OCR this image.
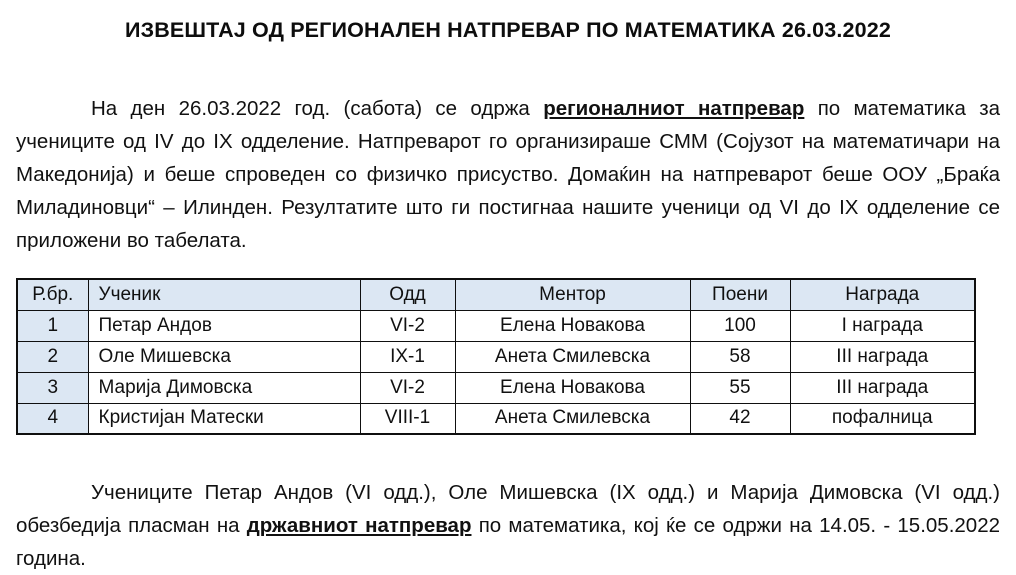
ИЗВЕШТАЈ ОД РЕГИОНАЛЕН НАТПРЕВАР ПО МАТЕМАТИКА 26.03.2022

На ден 26.03.2022 год. (сабота) се одржа регионалниот натпревар по математика за учениците од IV до IX одделение. Натпреварот го организираше СММ (Сојузот на математичари на Македонија) и беше спроведен со физичко присуство. Домаќин на натпреварот беше ООУ „Браќа Миладиновци“ – Илинден. Резултатите што ги постигнаа нашите ученици од VI до IX одделение се приложени во табелата.

Р.бр.	Ученик	Одд	Ментор	Поени	Награда
1	Петар Андов	VI-2	Елена Новакова	100	I награда
2	Оле Мишевска	IX-1	Анета Смилевска	58	III награда
3	Марија Димовска	VI-2	Елена Новакова	55	III награда
4	Кристијан Матески	VIII-1	Анета Смилевска	42	пофалница

Учениците Петар Андов (VI одд.), Оле Мишевска (IX одд.) и Марија Димовска (VI одд.) обезбедија пласман на државниот натпревар по математика, кој ќе се одржи на 14.05. - 15.05.2022 година.
